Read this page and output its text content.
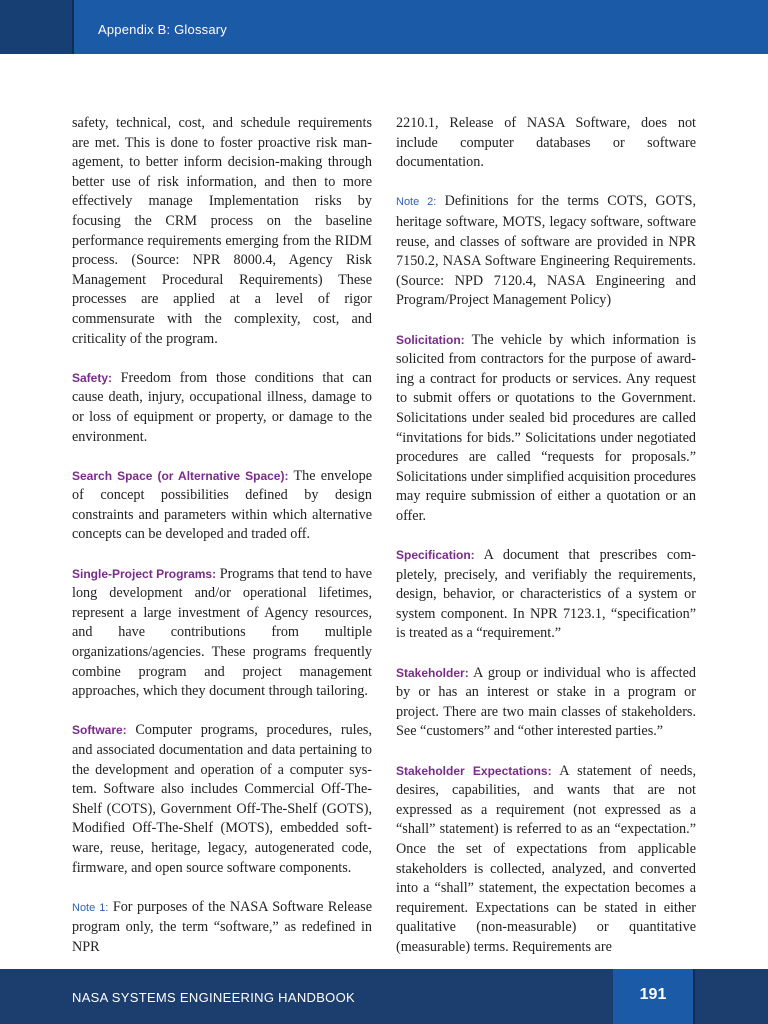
Appendix B: Glossary

safety, technical, cost, and schedule requirements are met. This is done to foster proactive risk management, to better inform decision-making through better use of risk information, and then to more effectively manage Implementation risks by focusing the CRM process on the baseline performance requirements emerging from the RIDM process. (Source: NPR 8000.4, Agency Risk Management Procedural Requirements) These processes are applied at a level of rigor commensurate with the complexity, cost, and criticality of the program.

Safety: Freedom from those conditions that can cause death, injury, occupational illness, damage to or loss of equipment or property, or damage to the environment.

Search Space (or Alternative Space): The envelope of concept possibilities defined by design constraints and parameters within which alternative concepts can be developed and traded off.

Single-Project Programs: Programs that tend to have long development and/or operational lifetimes, represent a large investment of Agency resources, and have contributions from multiple organizations/agencies. These programs frequently combine program and project management approaches, which they document through tailoring.

Software: Computer programs, procedures, rules, and associated documentation and data pertaining to the development and operation of a computer system. Software also includes Commercial Off-The-Shelf (COTS), Government Off-The-Shelf (GOTS), Modified Off-The-Shelf (MOTS), embedded software, reuse, heritage, legacy, autogenerated code, firmware, and open source software components.

Note 1: For purposes of the NASA Software Release program only, the term “software,” as redefined in NPR

2210.1, Release of NASA Software, does not include computer databases or software documentation.

Note 2: Definitions for the terms COTS, GOTS, heritage software, MOTS, legacy software, software reuse, and classes of software are provided in NPR 7150.2, NASA Software Engineering Requirements. (Source: NPD 7120.4, NASA Engineering and Program/Project Management Policy)

Solicitation: The vehicle by which information is solicited from contractors for the purpose of awarding a contract for products or services. Any request to submit offers or quotations to the Government. Solicitations under sealed bid procedures are called “invitations for bids.” Solicitations under negotiated procedures are called “requests for proposals.” Solicitations under simplified acquisition procedures may require submission of either a quotation or an offer.

Specification: A document that prescribes completely, precisely, and verifiably the requirements, design, behavior, or characteristics of a system or system component. In NPR 7123.1, “specification” is treated as a “requirement.”

Stakeholder: A group or individual who is affected by or has an interest or stake in a program or project. There are two main classes of stakeholders. See “customers” and “other interested parties.”

Stakeholder Expectations: A statement of needs, desires, capabilities, and wants that are not expressed as a requirement (not expressed as a “shall” statement) is referred to as an “expectation.” Once the set of expectations from applicable stakeholders is collected, analyzed, and converted into a “shall” statement, the expectation becomes a requirement. Expectations can be stated in either qualitative (non-measurable) or quantitative (measurable) terms. Requirements are

NASA SYSTEMS ENGINEERING HANDBOOK	191
